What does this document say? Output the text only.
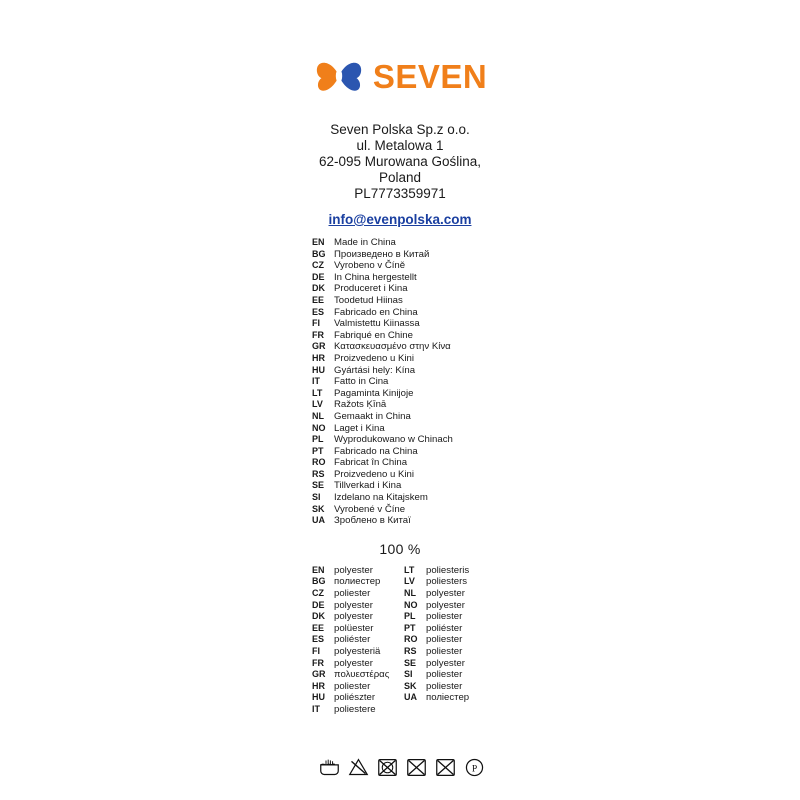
SEVEN
Seven Polska Sp.z o.o.
ul. Metalowa 1
62-095 Murowana Goślina,
Poland
PL7773359971
info@evenpolska.com
EN Made in China
BG Произведено в Китай
CZ	Vyrobeno v Číně
DE In China hergestellt
DK Produceret i Kina
EE	Toodetud Hiinas
ES	Fabricado en China
FI	Valmistettu Kiinassa
FR	Fabriqué en Chine
GR Κατασκευασμένο στην Κίνα
HR Proizvedeno u Kini
HU Gyártási hely: Kína
IT	Fatto in Cina
LT	Pagaminta Kinijoje
LV	Ražots Ķīnā
NL	Gemaakt in China
NO Laget i Kina
PL	Wyprodukowano w Chinach
PT	Fabricado na China
RO Fabricat în China
RS Proizvedeno u Kini
SE	Tillverkad i Kina
SI	Izdelano na Kitajskem
SK Vyrobené v Číne
UA Зроблено в Китаї
100 %
EN polyester
BG полиестер
CZ	poliester
DE polyester
DK polyester
EE	polüester
ES	poliéster
FI	polyesteriä
FR	polyester
GR πολυεστέρας
HR poliester
HU poliészter
IT	poliestere
LT	poliesteris
LV	poliesters
NL	polyester
NO polyester
PL	poliester
PT	poliéster
RO poliester
RS poliester
SE	polyester
SI	poliester
SK poliester
UA поліестер
P
